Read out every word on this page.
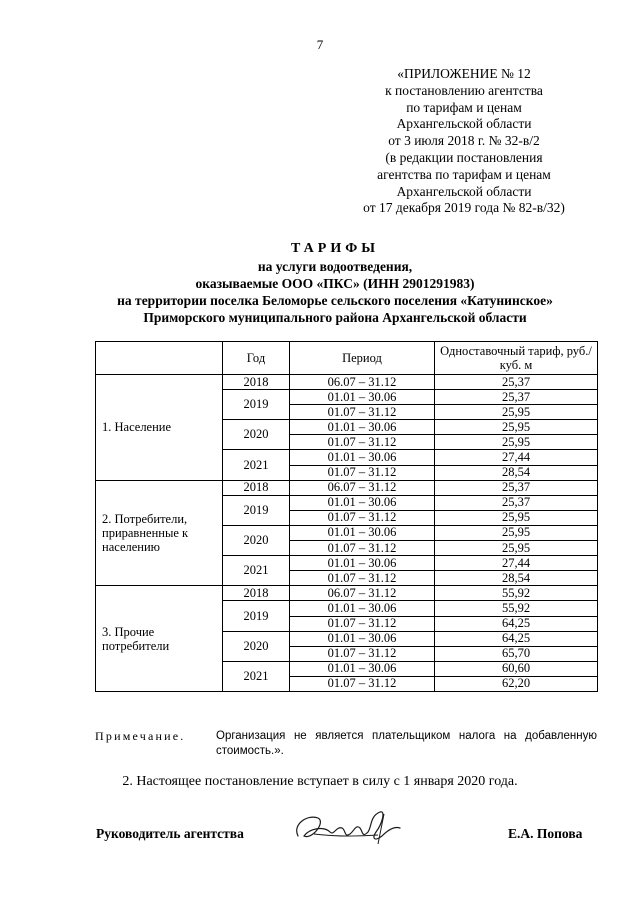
7
«ПРИЛОЖЕНИЕ № 12
к постановлению агентства
по тарифам и ценам
Архангельской области
от 3 июля 2018 г. № 32-в/2
(в редакции постановления
агентства по тарифам и ценам
Архангельской области
от 17 декабря 2019 года № 82-в/32)
ТАРИФЫ
на услуги водоотведения,
оказываемые ООО «ПКС» (ИНН 2901291983)
на территории поселка Беломорье сельского поселения «Катунинское»
Приморского муниципального района Архангельской области
	Год	Период	Одноставочный тариф, руб./куб. м
1. Население	2018	06.07 – 31.12	25,37
	2019	01.01 – 30.06	25,37
		01.07 – 31.12	25,95
	2020	01.01 – 30.06	25,95
		01.07 – 31.12	25,95
	2021	01.01 – 30.06	27,44
		01.07 – 31.12	28,54
2. Потребители, приравненные к населению	2018	06.07 – 31.12	25,37
	2019	01.01 – 30.06	25,37
		01.07 – 31.12	25,95
	2020	01.01 – 30.06	25,95
		01.07 – 31.12	25,95
	2021	01.01 – 30.06	27,44
		01.07 – 31.12	28,54
3. Прочие потребители	2018	06.07 – 31.12	55,92
	2019	01.01 – 30.06	55,92
		01.07 – 31.12	64,25
	2020	01.01 – 30.06	64,25
		01.07 – 31.12	65,70
	2021	01.01 – 30.06	60,60
		01.07 – 31.12	62,20
Примечание.	Организация не является плательщиком налога на добавленную стоимость.».
2. Настоящее постановление вступает в силу с 1 января 2020 года.
Руководитель агентства	Е.А. Попова
